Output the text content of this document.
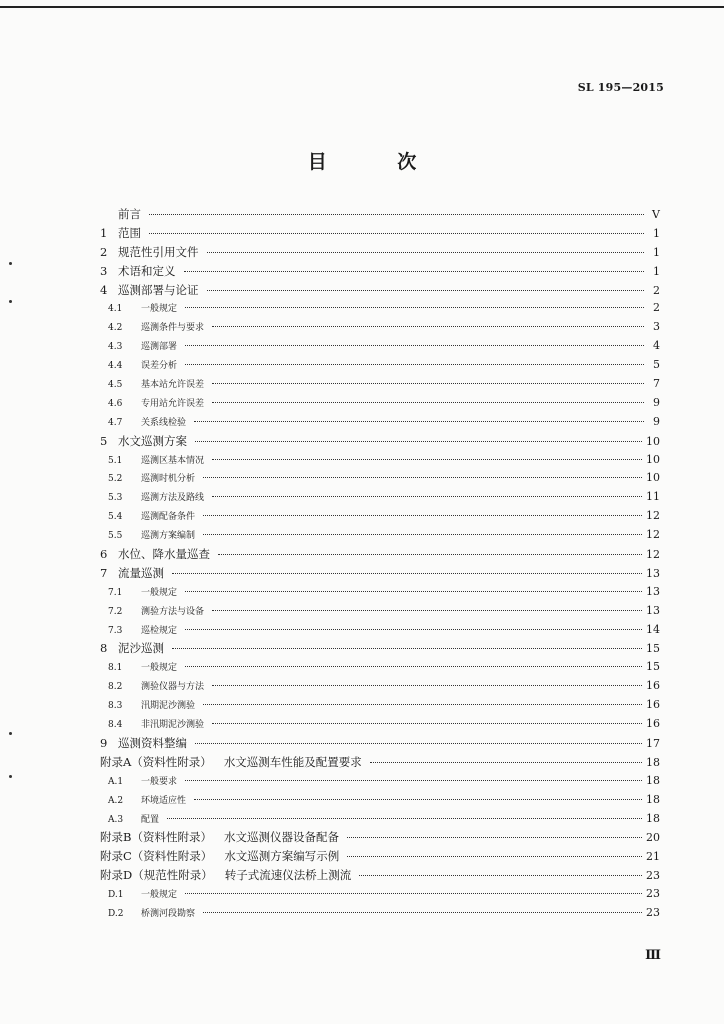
SL 195—2015
目 次
前言	V
1 范围	1
2 规范性引用文件	1
3 术语和定义	1
4 巡测部署与论证	2
4.1	一般规定	2
4.2	巡测条件与要求	3
4.3	巡测部署	4
4.4	误差分析	5
4.5	基本站允许误差	7
4.6	专用站允许误差	9
4.7	关系线检验	9
5 水文巡测方案	10
5.1	巡测区基本情况	10
5.2	巡测时机分析	10
5.3	巡测方法及路线	11
5.4	巡测配备条件	12
5.5	巡测方案编制	12
6 水位、降水量巡查	12
7 流量巡测	13
7.1	一般规定	13
7.2	测验方法与设备	13
7.3	巡检规定	14
8 泥沙巡测	15
8.1	一般规定	15
8.2	测验仪器与方法	16
8.3	汛期泥沙测验	16
8.4	非汛期泥沙测验	16
9 巡测资料整编	17
附录A（资料性附录）	水文巡测车性能及配置要求	18
A.1	一般要求	18
A.2	环境适应性	18
A.3	配置	18
附录B（资料性附录）	水文巡测仪器设备配备	20
附录C（资料性附录）	水文巡测方案编写示例	21
附录D（规范性附录）	转子式流速仪法桥上测流	23
D.1	一般规定	23
D.2	桥测河段勘察	23
Ⅲ
